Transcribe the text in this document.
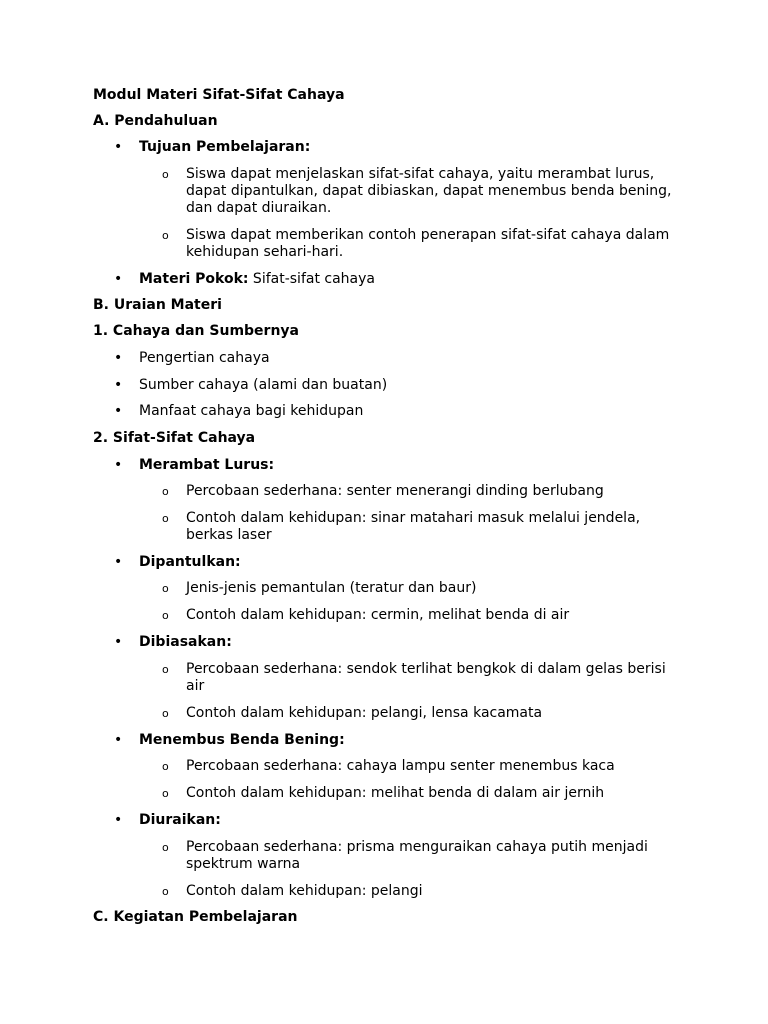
Modul Materi Sifat-Sifat Cahaya
A. Pendahuluan
• Tujuan Pembelajaran:
o Siswa dapat menjelaskan sifat-sifat cahaya, yaitu merambat lurus, dapat dipantulkan, dapat dibiaskan, dapat menembus benda bening, dan dapat diuraikan.
o Siswa dapat memberikan contoh penerapan sifat-sifat cahaya dalam kehidupan sehari-hari.
• Materi Pokok: Sifat-sifat cahaya
B. Uraian Materi
1. Cahaya dan Sumbernya
• Pengertian cahaya
• Sumber cahaya (alami dan buatan)
• Manfaat cahaya bagi kehidupan
2. Sifat-Sifat Cahaya
• Merambat Lurus:
o Percobaan sederhana: senter menerangi dinding berlubang
o Contoh dalam kehidupan: sinar matahari masuk melalui jendela, berkas laser
• Dipantulkan:
o Jenis-jenis pemantulan (teratur dan baur)
o Contoh dalam kehidupan: cermin, melihat benda di air
• Dibiasakan:
o Percobaan sederhana: sendok terlihat bengkok di dalam gelas berisi air
o Contoh dalam kehidupan: pelangi, lensa kacamata
• Menembus Benda Bening:
o Percobaan sederhana: cahaya lampu senter menembus kaca
o Contoh dalam kehidupan: melihat benda di dalam air jernih
• Diuraikan:
o Percobaan sederhana: prisma menguraikan cahaya putih menjadi spektrum warna
o Contoh dalam kehidupan: pelangi
C. Kegiatan Pembelajaran
